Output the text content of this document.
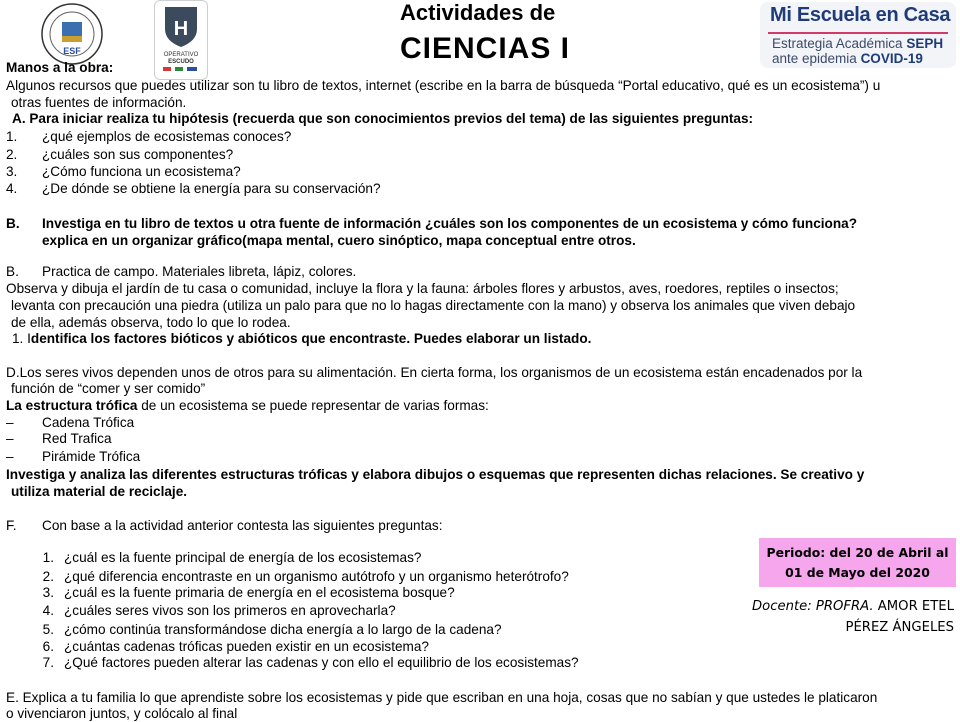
ESF
H
OPERATIVO
ESCUDO
Actividades de
CIENCIAS I
Mi Escuela en Casa
Estrategia Académica SEPH
ante epidemia COVID-19
Manos a la obra:
Algunos recursos que puedes utilizar son tu libro de textos, internet (escribe en la barra de búsqueda “Portal educativo, qué es un ecosistema”) u
otras fuentes de información.
A. Para iniciar realiza tu hipótesis (recuerda que son conocimientos previos del tema) de las siguientes preguntas:
1. ¿qué ejemplos de ecosistemas conoces?
2. ¿cuáles son sus componentes?
3. ¿Cómo funciona un ecosistema?
4. ¿De dónde se obtiene la energía para su conservación?
B. Investiga en tu libro de textos u otra fuente de información ¿cuáles son los componentes de un ecosistema y cómo funciona?
explica en un organizar gráfico(mapa mental, cuero sinóptico, mapa conceptual entre otros.
B. Practica de campo. Materiales libreta, lápiz, colores.
Observa y dibuja el jardín de tu casa o comunidad, incluye la flora y la fauna: árboles flores y arbustos, aves, roedores, reptiles o insectos;
levanta con precaución una piedra (utiliza un palo para que no lo hagas directamente con la mano) y observa los animales que viven debajo
de ella, además observa, todo lo que lo rodea.
1. Identifica los factores bióticos y abióticos que encontraste. Puedes elaborar un listado.
D.Los seres vivos dependen unos de otros para su alimentación. En cierta forma, los organismos de un ecosistema están encadenados por la
función de “comer y ser comido”
La estructura trófica de un ecosistema se puede representar de varias formas:
– Cadena Trófica
– Red Trafica
– Pirámide Trófica
Investiga y analiza las diferentes estructuras tróficas y elabora dibujos o esquemas que representen dichas relaciones. Se creativo y
utiliza material de reciclaje.
F. Con base a la actividad anterior contesta las siguientes preguntas:
1. ¿cuál es la fuente principal de energía de los ecosistemas?
2. ¿qué diferencia encontraste en un organismo autótrofo y un organismo heterótrofo?
3. ¿cuál es la fuente primaria de energía en el ecosistema bosque?
4. ¿cuáles seres vivos son los primeros en aprovecharla?
5. ¿cómo continúa transformándose dicha energía a lo largo de la cadena?
6. ¿cuántas cadenas tróficas pueden existir en un ecosistema?
7. ¿Qué factores pueden alterar las cadenas y con ello el equilibrio de los ecosistemas?
Periodo: del 20 de Abril al
01 de Mayo del 2020
Docente: PROFRA. AMOR ETEL
PÉREZ ÁNGELES
E. Explica a tu familia lo que aprendiste sobre los ecosistemas y pide que escriban en una hoja, cosas que no sabían y que ustedes le platicaron
o vivenciaron juntos, y colócalo al final
